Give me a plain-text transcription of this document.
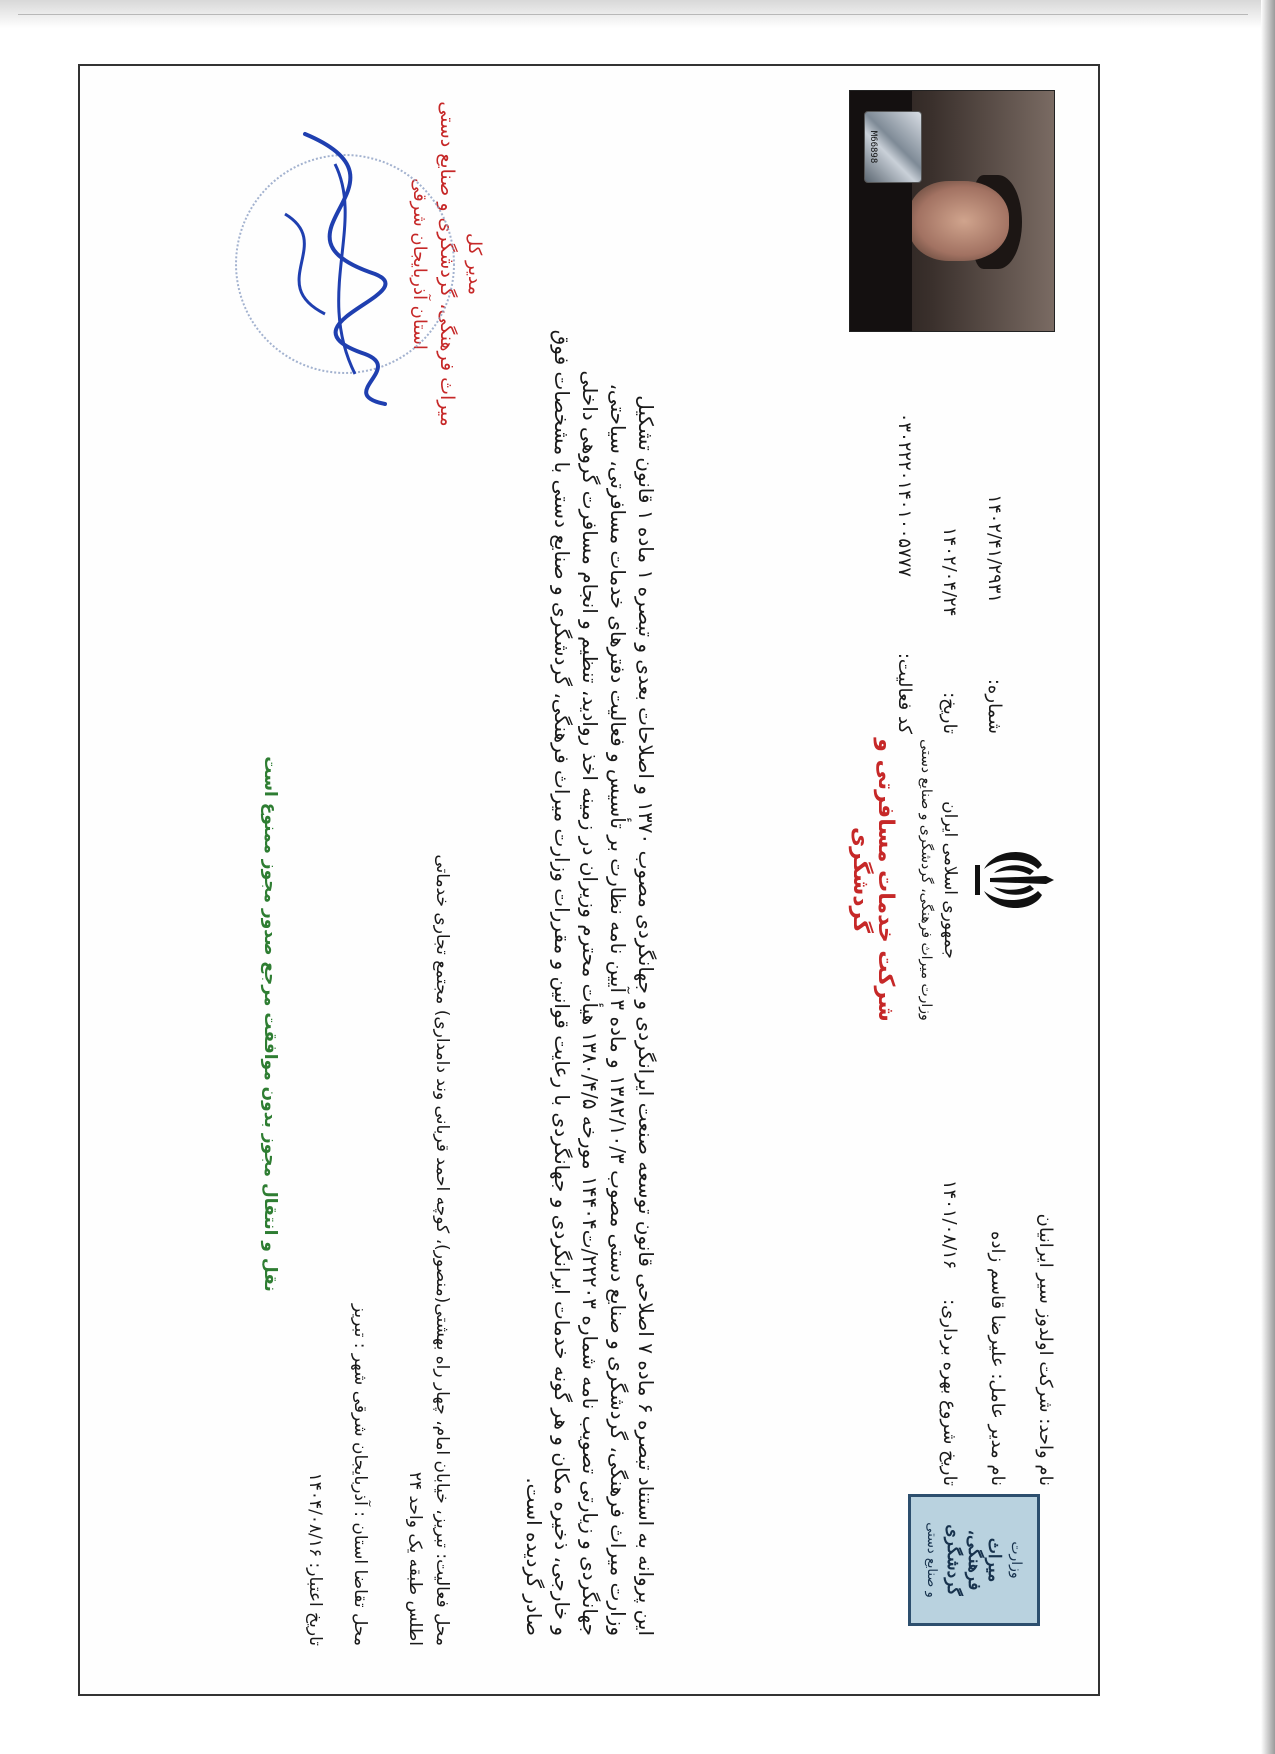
وزارت
میراث فرهنگی، گردشگری
و صنایع دستی
نام واحد: شرکت اولدوز سیر ایرانیان
نام مدیر عامل: علیرضا قاسم زاده
تاریخ شروع بهره برداری: ۱۴۰۱/۰۸/۱۶
جمهوری اسلامی ایران
وزارت میراث فرهنگی، گردشگری و صنایع دستی
شرکت خدمات مسافرتی و گردشگری
شماره: ۱۴۰۲/۴۱/۲۹۳۱
تاریخ: ۱۴۰۲/۰۴/۲۴
کد فعالیت: ۰۳۰۲۲۲۰۱۴۰۱۰۰۵۷۷۷
M66898

این پروانه به استناد تبصره ۶ ماده ۷ اصلاحی قانون توسعه صنعت ایرانگردی و جهانگردی مصوب ۱۳۷۰ و اصلاحات بعدی و تبصره ۱ ماده ۱ قانون تشکیل

وزارت میراث فرهنگی، گردشگری و صنایع دستی مصوب ۱۳۸۲/۱۰/۳ و ماده ۳ آیین نامه نظارت بر تأسیس و فعالیت دفترهای خدمات مسافرتی، سیاحتی،

جهانگردی و زیارتی تصویب نامه شماره ۲۲۲۰۳/ت۱۴۴۰۴ مورخه ۱۳۸۰/۴/۵ هیأت محترم وزیران در زمینه اخذ روادید، تنظیم و انجام مسافرت گروهی داخلی

و خارجی، ذخیره مکان و هر گونه خدمات ایرانگردی و جهانگردی با رعایت قوانین و مقررات وزارت میراث فرهنگی، گردشگری و صنایع دستی با مشخصات فوق

صادر گردیده است.

محل فعالیت: تبریز، خیابان امام، چهار راه بهشتی(منصور)، کوچه احمد قربانی وند دامداری) مجتمع تجاری خدماتی
اطلس طبقه یک واحد ۲۴
محل تقاضا استان : آذربایجان شرقی شهر : تبریز
تاریخ اعتبار: ۱۴۰۴/۰۸/۱۶
نقل و انتقال مجوز بدون موافقت مرجع صدور مجوز ممنوع است
مدیر کل
میراث فرهنگی، گردشگری و صنایع دستی
استان آذربایجان شرقی
